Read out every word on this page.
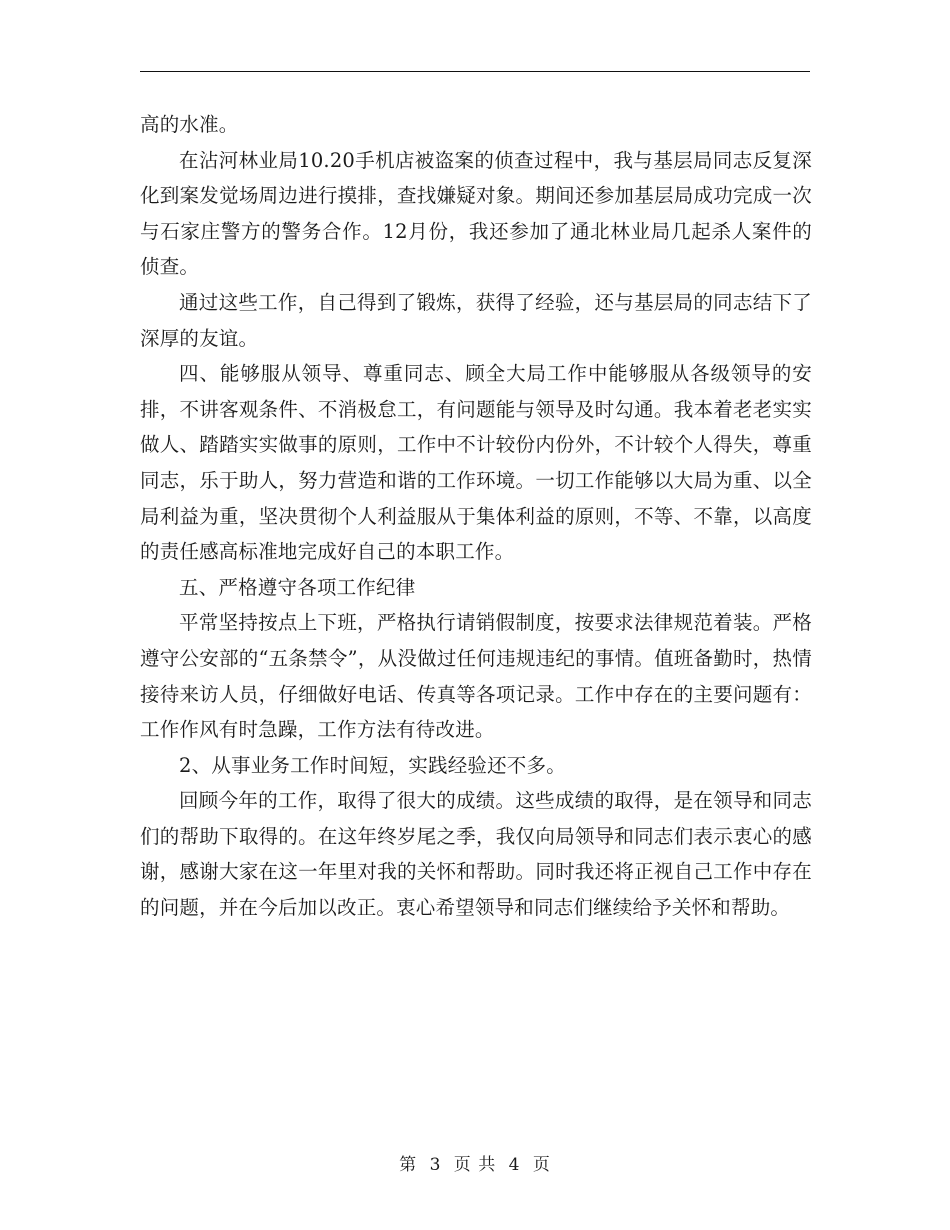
高的水准。

在沾河林业局10.20手机店被盗案的侦查过程中，我与基层局同志反复深化到案发觉场周边进行摸排，查找嫌疑对象。期间还参加基层局成功完成一次与石家庄警方的警务合作。12月份，我还参加了通北林业局几起杀人案件的侦查。

通过这些工作，自己得到了锻炼，获得了经验，还与基层局的同志结下了深厚的友谊。

四、能够服从领导、尊重同志、顾全大局工作中能够服从各级领导的安排，不讲客观条件、不消极怠工，有问题能与领导及时勾通。我本着老老实实做人、踏踏实实做事的原则，工作中不计较份内份外，不计较个人得失，尊重同志，乐于助人，努力营造和谐的工作环境。一切工作能够以大局为重、以全局利益为重，坚决贯彻个人利益服从于集体利益的原则，不等、不靠，以高度的责任感高标准地完成好自己的本职工作。

五、严格遵守各项工作纪律

平常坚持按点上下班，严格执行请销假制度，按要求法律规范着装。严格遵守公安部的“五条禁令”，从没做过任何违规违纪的事情。值班备勤时，热情接待来访人员，仔细做好电话、传真等各项记录。工作中存在的主要问题有：工作作风有时急躁，工作方法有待改进。

2、从事业务工作时间短，实践经验还不多。

回顾今年的工作，取得了很大的成绩。这些成绩的取得，是在领导和同志们的帮助下取得的。在这年终岁尾之季，我仅向局领导和同志们表示衷心的感谢，感谢大家在这一年里对我的关怀和帮助。同时我还将正视自己工作中存在的问题，并在今后加以改正。衷心希望领导和同志们继续给予关怀和帮助。

第 3 页 共 4 页
